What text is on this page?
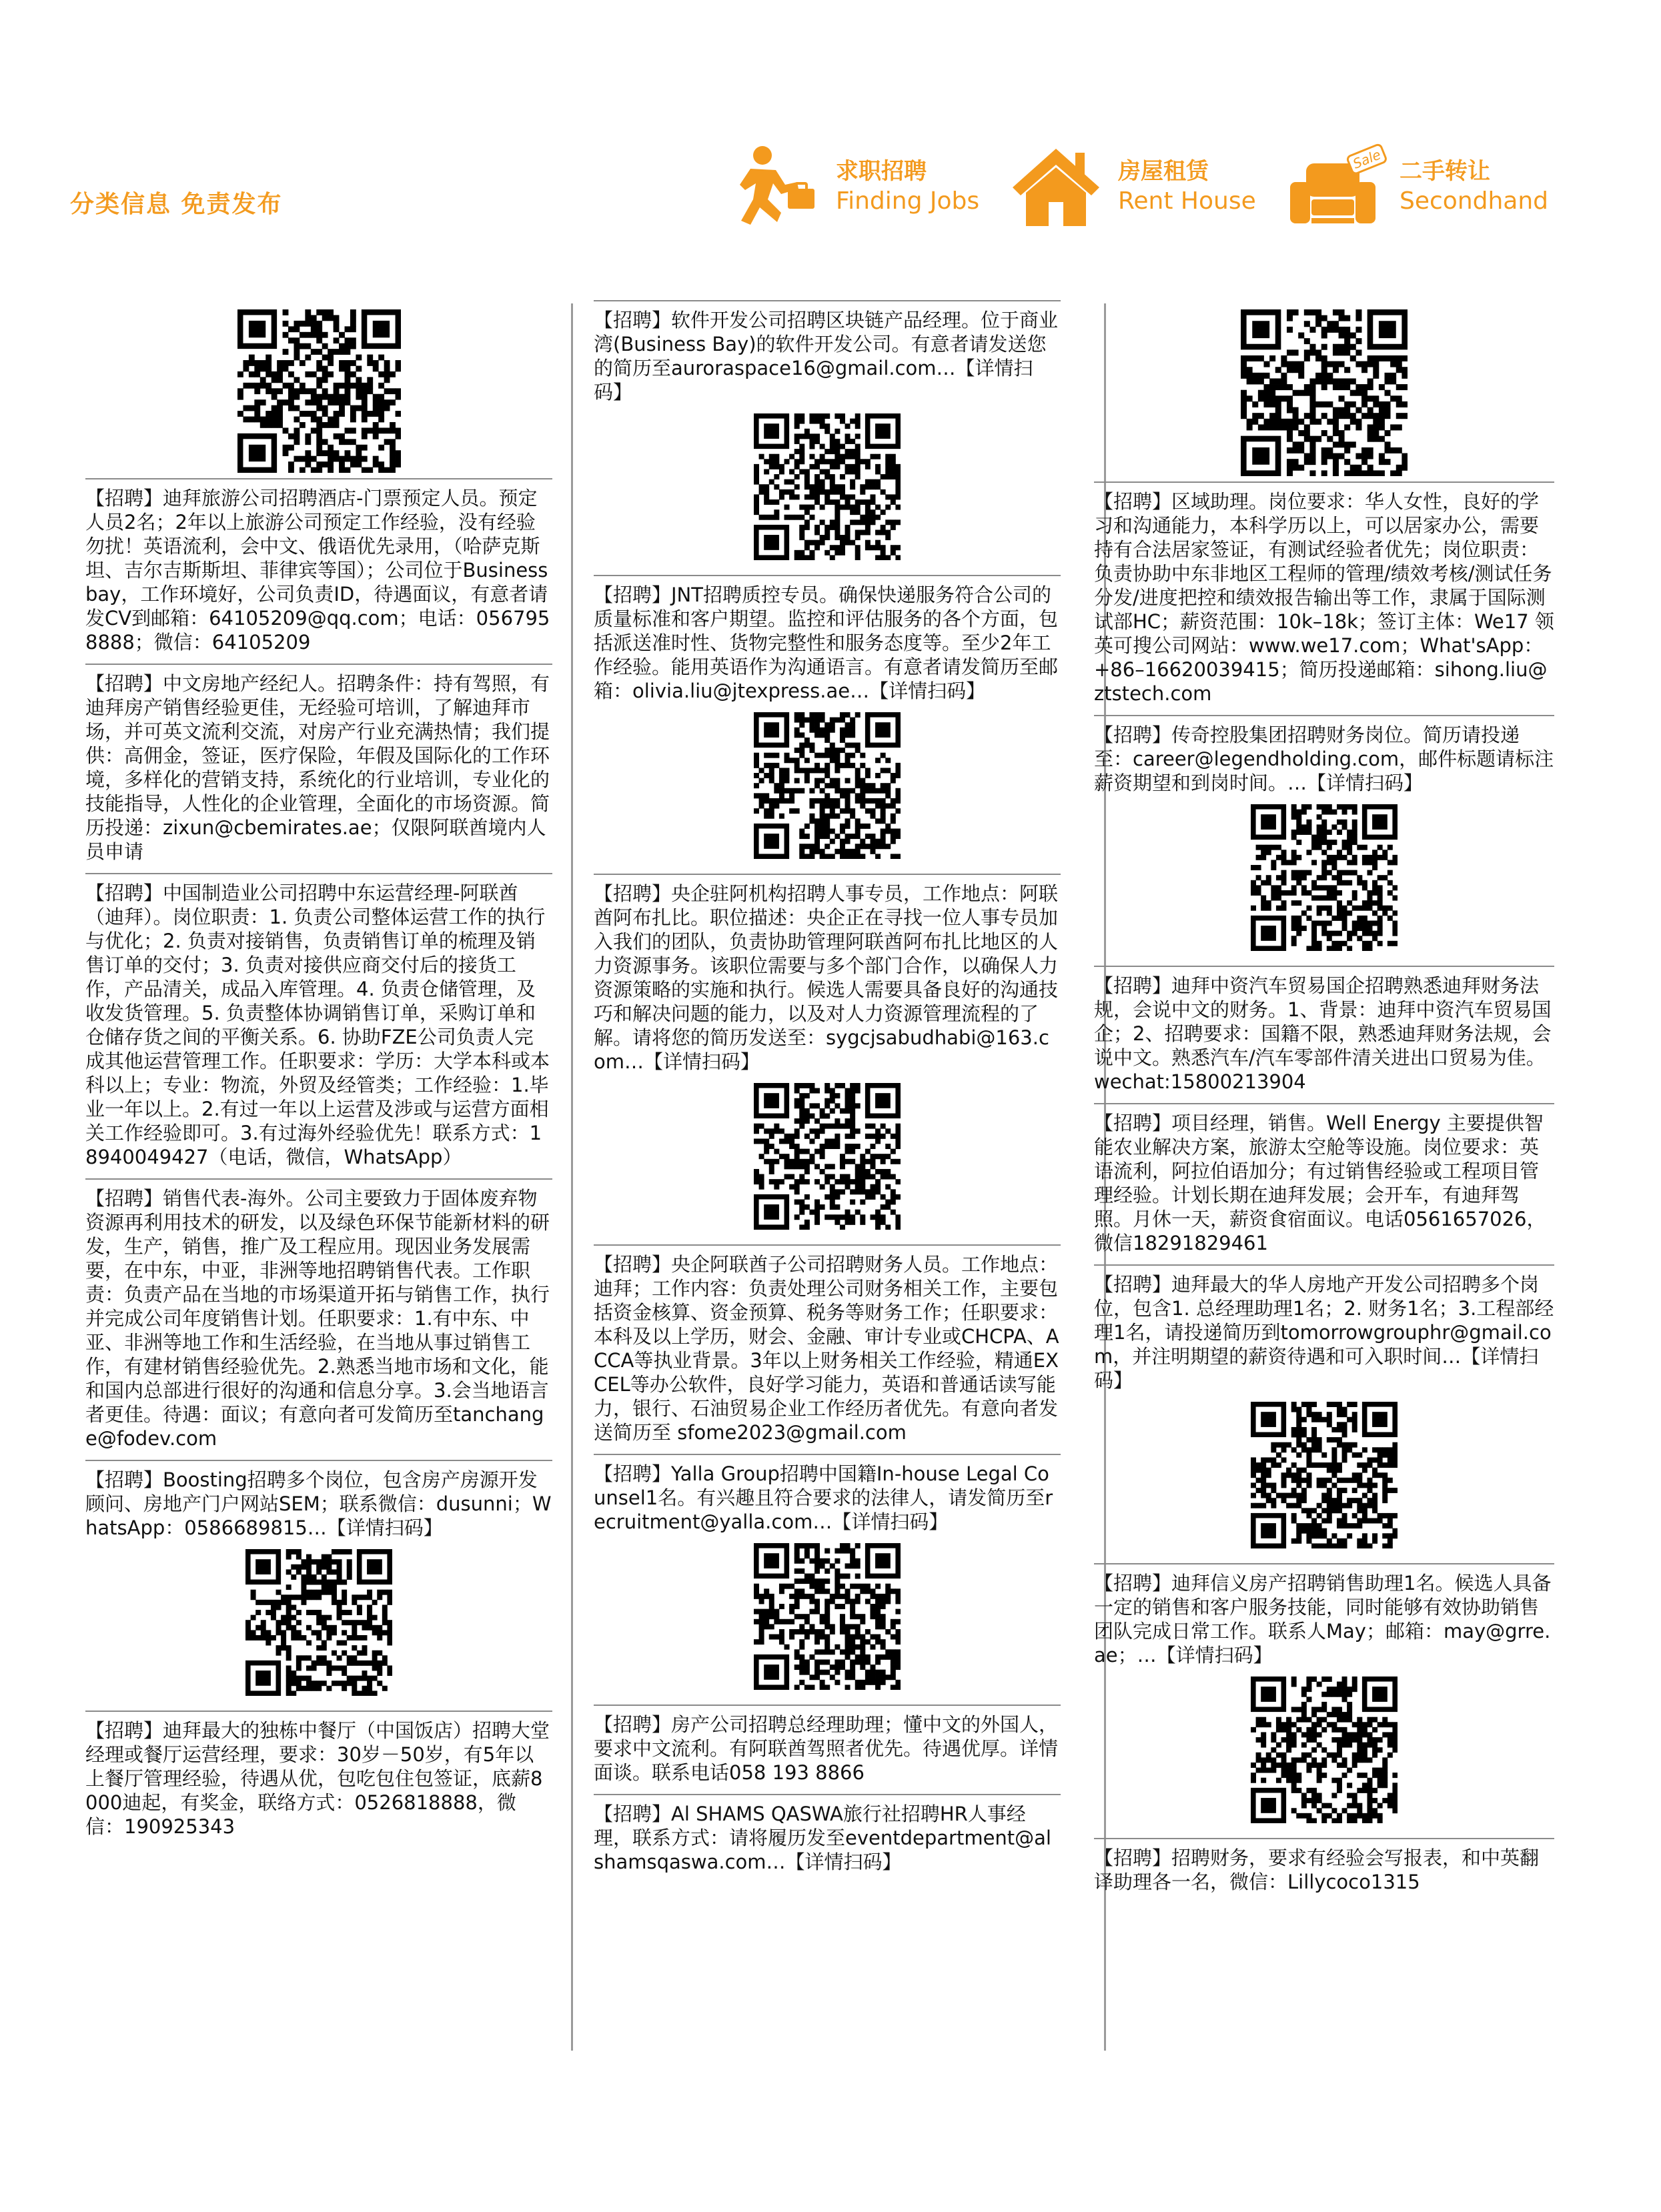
分类信息 免责发布
求职招聘
Finding Jobs
房屋租赁
Rent House
Sale 二手转让
Secondhand

【招聘】迪拜旅游公司招聘酒店-门票预定人员。预定人员2名；2年以上旅游公司预定工作经验，没有经验勿扰！英语流利，会中文、俄语优先录用，（哈萨克斯坦、吉尔吉斯斯坦、菲律宾等国）；公司位于Business bay，工作环境好，公司负责ID，待遇面议，有意者请发CV到邮箱：64105209@qq.com；电话：0567958888；微信：64105209

【招聘】中文房地产经纪人。招聘条件：持有驾照，有迪拜房产销售经验更佳，无经验可培训，了解迪拜市场，并可英文流利交流，对房产行业充满热情；我们提供：高佣金，签证，医疗保险，年假及国际化的工作环境，多样化的营销支持，系统化的行业培训，专业化的技能指导，人性化的企业管理，全面化的市场资源。简历投递：zixun@cbemirates.ae；仅限阿联酋境内人员申请

【招聘】中国制造业公司招聘中东运营经理-阿联酋（迪拜）。岗位职责：1. 负责公司整体运营工作的执行与优化；2. 负责对接销售，负责销售订单的梳理及销售订单的交付；3. 负责对接供应商交付后的接货工作，产品清关，成品入库管理。4. 负责仓储管理，及收发货管理。5. 负责整体协调销售订单，采购订单和仓储存货之间的平衡关系。6. 协助FZE公司负责人完成其他运营管理工作。任职要求：学历：大学本科或本科以上；专业：物流，外贸及经管类；工作经验：1.毕业一年以上。2.有过一年以上运营及涉或与运营方面相关工作经验即可。3.有过海外经验优先！联系方式：18940049427（电话，微信，WhatsApp）

【招聘】销售代表-海外。公司主要致力于固体废弃物资源再利用技术的研发，以及绿色环保节能新材料的研发，生产，销售，推广及工程应用。现因业务发展需要，在中东，中亚，非洲等地招聘销售代表。工作职责：负责产品在当地的市场渠道开拓与销售工作，执行并完成公司年度销售计划。任职要求：1.有中东、中亚、非洲等地工作和生活经验，在当地从事过销售工作，有建材销售经验优先。2.熟悉当地市场和文化，能和国内总部进行很好的沟通和信息分享。3.会当地语言者更佳。待遇：面议；有意向者可发简历至tanchange@fodev.com

【招聘】Boosting招聘多个岗位，包含房产房源开发顾问、房地产门户网站SEM；联系微信：dusunni；WhatsApp：0586689815…【详情扫码】

【招聘】迪拜最大的独栋中餐厅（中国饭店）招聘大堂经理或餐厅运营经理，要求：30岁－50岁，有5年以上餐厅管理经验，待遇从优，包吃包住包签证，底薪8000迪起，有奖金，联络方式：0526818888，微信：190925343

【招聘】软件开发公司招聘区块链产品经理。位于商业湾(Business Bay)的软件开发公司。有意者请发送您的简历至auroraspace16@gmail.com…【详情扫码】

【招聘】JNT招聘质控专员。确保快递服务符合公司的质量标准和客户期望。监控和评估服务的各个方面，包括派送准时性、货物完整性和服务态度等。至少2年工作经验。能用英语作为沟通语言。有意者请发简历至邮箱：olivia.liu@jtexpress.ae…【详情扫码】

【招聘】央企驻阿机构招聘人事专员，工作地点：阿联酋阿布扎比。职位描述：央企正在寻找一位人事专员加入我们的团队，负责协助管理阿联酋阿布扎比地区的人力资源事务。该职位需要与多个部门合作，以确保人力资源策略的实施和执行。候选人需要具备良好的沟通技巧和解决问题的能力，以及对人力资源管理流程的了解。请将您的简历发送至：sygcjsabudhabi@163.com…【详情扫码】

【招聘】央企阿联酋子公司招聘财务人员。工作地点：迪拜；工作内容：负责处理公司财务相关工作，主要包括资金核算、资金预算、税务等财务工作；任职要求：本科及以上学历，财会、金融、审计专业或CHCPA、ACCA等执业背景。3年以上财务相关工作经验，精通EXCEL等办公软件，良好学习能力，英语和普通话读写能力，银行、石油贸易企业工作经历者优先。有意向者发送简历至 sfome2023@gmail.com

【招聘】Yalla Group招聘中国籍In-house Legal Counsel1名。有兴趣且符合要求的法律人，请发简历至recruitment@yalla.com…【详情扫码】

【招聘】房产公司招聘总经理助理；懂中文的外国人，要求中文流利。有阿联酋驾照者优先。待遇优厚。详情面谈。联系电话058 193 8866

【招聘】Al SHAMS QASWA旅行社招聘HR人事经理，联系方式：请将履历发至eventdepartment@alshamsqaswa.com…【详情扫码】

【招聘】区域助理。岗位要求：华人女性，良好的学习和沟通能力，本科学历以上，可以居家办公，需要持有合法居家签证，有测试经验者优先；岗位职责：负责协助中东非地区工程师的管理/绩效考核/测试任务分发/进度把控和绩效报告输出等工作，隶属于国际测试部HC；薪资范围：10k–18k；签订主体：We17 领英可搜公司网站：www.we17.com；What'sApp：+86–16620039415；简历投递邮箱：sihong.liu@ztstech.com

【招聘】传奇控股集团招聘财务岗位。简历请投递至：career@legendholding.com，邮件标题请标注薪资期望和到岗时间。…【详情扫码】

【招聘】迪拜中资汽车贸易国企招聘熟悉迪拜财务法规，会说中文的财务。1、背景：迪拜中资汽车贸易国企；2、招聘要求：国籍不限，熟悉迪拜财务法规，会说中文。熟悉汽车/汽车零部件清关进出口贸易为佳。wechat:15800213904

【招聘】项目经理，销售。Well Energy 主要提供智能农业解决方案，旅游太空舱等设施。岗位要求：英语流利，阿拉伯语加分；有过销售经验或工程项目管理经验。计划长期在迪拜发展；会开车，有迪拜驾照。月休一天，薪资食宿面议。电话0561657026，微信18291829461

【招聘】迪拜最大的华人房地产开发公司招聘多个岗位，包含1. 总经理助理1名；2. 财务1名；3.工程部经理1名，请投递简历到tomorrowgrouphr@gmail.com，并注明期望的薪资待遇和可入职时间…【详情扫码】

【招聘】迪拜信义房产招聘销售助理1名。候选人具备一定的销售和客户服务技能，同时能够有效协助销售团队完成日常工作。联系人May；邮箱：may@grre.ae；…【详情扫码】

【招聘】招聘财务，要求有经验会写报表，和中英翻译助理各一名，微信：Lillycoco1315
